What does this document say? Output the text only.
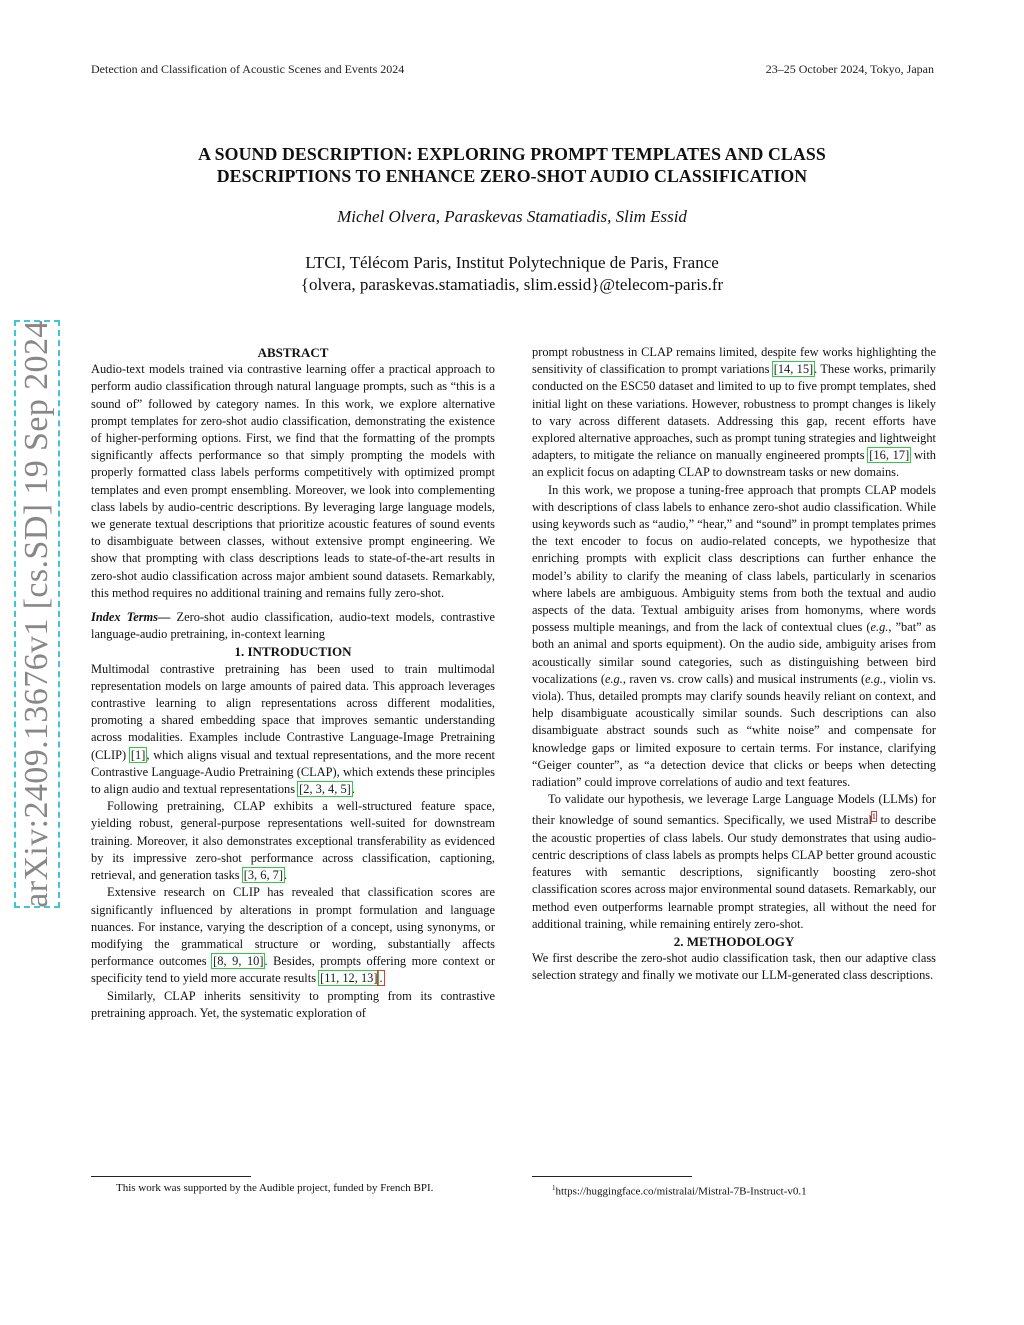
Detection and Classification of Acoustic Scenes and Events 2024	23–25 October 2024, Tokyo, Japan
A SOUND DESCRIPTION: EXPLORING PROMPT TEMPLATES AND CLASS
DESCRIPTIONS TO ENHANCE ZERO-SHOT AUDIO CLASSIFICATION
Michel Olvera, Paraskevas Stamatiadis, Slim Essid
LTCI, Télécom Paris, Institut Polytechnique de Paris, France
{olvera, paraskevas.stamatiadis, slim.essid}@telecom-paris.fr
arXiv:2409.13676v1 [cs.SD] 19 Sep 2024	ABSTRACT

Audio-text models trained via contrastive learning offer a practical approach to perform audio classification through natural language prompts, such as “this is a sound of” followed by category names. In this work, we explore alternative prompt templates for zero-shot audio classification, demonstrating the existence of higher-performing options. First, we find that the formatting of the prompts significantly affects performance so that simply prompting the models with properly formatted class labels performs competitively with optimized prompt templates and even prompt ensembling. Moreover, we look into complementing class labels by audio-centric descriptions. By leveraging large language models, we generate textual descriptions that prioritize acoustic features of sound events to disambiguate between classes, without extensive prompt engineering. We show that prompting with class descriptions leads to state-of-the-art results in zero-shot audio classification across major ambient sound datasets. Remarkably, this method requires no additional training and remains fully zero-shot.

Index Terms— Zero-shot audio classification, audio-text models, contrastive language-audio pretraining, in-context learning

1. INTRODUCTION

Multimodal contrastive pretraining has been used to train multimodal representation models on large amounts of paired data. This approach leverages contrastive learning to align representations across different modalities, promoting a shared embedding space that improves semantic understanding across modalities. Examples include Contrastive Language-Image Pretraining (CLIP) [1], which aligns visual and textual representations, and the more recent Contrastive Language-Audio Pretraining (CLAP), which extends these principles to align audio and textual representations [2, 3, 4, 5].

Following pretraining, CLAP exhibits a well-structured feature space, yielding robust, general-purpose representations well-suited for downstream training. Moreover, it also demonstrates exceptional transferability as evidenced by its impressive zero-shot performance across classification, captioning, retrieval, and generation tasks [3, 6, 7].

Extensive research on CLIP has revealed that classification scores are significantly influenced by alterations in prompt formulation and language nuances. For instance, varying the description of a concept, using synonyms, or modifying the grammatical structure or wording, substantially affects performance outcomes [8, 9, 10]. Besides, prompts offering more context or specificity tend to yield more accurate results [11, 12, 13] .

Similarly, CLAP inherits sensitivity to prompting from its contrastive pretraining approach. Yet, the systematic exploration of

prompt robustness in CLAP remains limited, despite few works highlighting the sensitivity of classification to prompt variations [14, 15]. These works, primarily conducted on the ESC50 dataset and limited to up to five prompt templates, shed initial light on these variations. However, robustness to prompt changes is likely to vary across different datasets. Addressing this gap, recent efforts have explored alternative approaches, such as prompt tuning strategies and lightweight adapters, to mitigate the reliance on manually engineered prompts [16, 17] with an explicit focus on adapting CLAP to downstream tasks or new domains.

In this work, we propose a tuning-free approach that prompts CLAP models with descriptions of class labels to enhance zero-shot audio classification. While using keywords such as “audio,” “hear,” and “sound” in prompt templates primes the text encoder to focus on audio-related concepts, we hypothesize that enriching prompts with explicit class descriptions can further enhance the model’s ability to clarify the meaning of class labels, particularly in scenarios where labels are ambiguous. Ambiguity stems from both the textual and audio aspects of the data. Textual ambiguity arises from homonyms, where words possess multiple meanings, and from the lack of contextual clues (e.g., ”bat” as both an animal and sports equipment). On the audio side, ambiguity arises from acoustically similar sound categories, such as distinguishing between bird vocalizations (e.g., raven vs. crow calls) and musical instruments (e.g., violin vs. viola). Thus, detailed prompts may clarify sounds heavily reliant on context, and help disambiguate acoustically similar sounds. Such descriptions can also disambiguate abstract sounds such as “white noise” and compensate for knowledge gaps or limited exposure to certain terms. For instance, clarifying “Geiger counter”, as “a detection device that clicks or beeps when detecting radiation” could improve correlations of audio and text features.

To validate our hypothesis, we leverage Large Language Models (LLMs) for their knowledge of sound semantics. Specifically, we used Mistral$^1$ to describe the acoustic properties of class labels. Our study demonstrates that using audio-centric descriptions of class labels as prompts helps CLAP better ground acoustic features with semantic descriptions, significantly boosting zero-shot classification scores across major environmental sound datasets. Remarkably, our method even outperforms learnable prompt strategies, all without the need for additional training, while remaining entirely zero-shot.

2. METHODOLOGY

We first describe the zero-shot audio classification task, then our adaptive class selection strategy and finally we motivate our LLM-generated class descriptions.

This work was supported by the Audible project, funded by French BPI.	$^1$https://huggingface.co/mistralai/Mistral-7B-Instruct-v0.1
